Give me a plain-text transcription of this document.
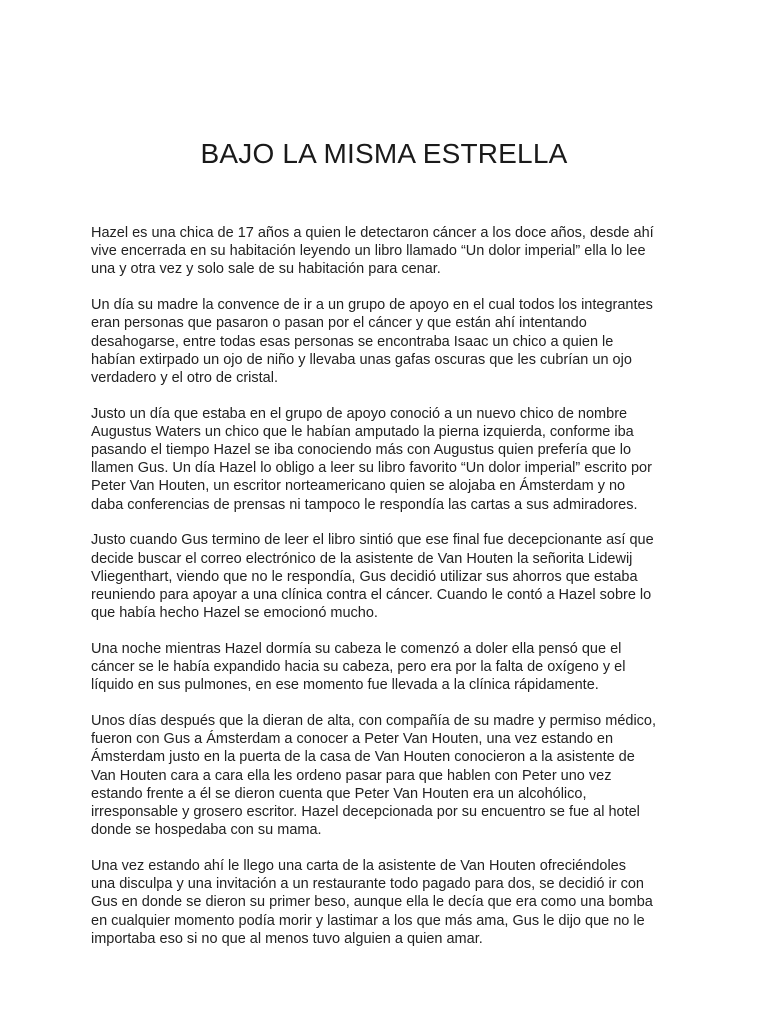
BAJO LA MISMA ESTRELLA

Hazel es una chica de 17 años a quien le detectaron cáncer a los doce años, desde ahí
vive encerrada en su habitación leyendo un libro llamado “Un dolor imperial” ella lo lee
una y otra vez y solo sale de su habitación para cenar.

Un día su madre la convence de ir a un grupo de apoyo en el cual todos los integrantes
eran personas que pasaron o pasan por el cáncer y que están ahí intentando
desahogarse, entre todas esas personas se encontraba Isaac un chico a quien le
habían extirpado un ojo de niño y llevaba unas gafas oscuras que les cubrían un ojo
verdadero y el otro de cristal.

Justo un día que estaba en el grupo de apoyo conoció a un nuevo chico de nombre
Augustus Waters un chico que le habían amputado la pierna izquierda, conforme iba
pasando el tiempo Hazel se iba conociendo más con Augustus quien prefería que lo
llamen Gus. Un día Hazel lo obligo a leer su libro favorito “Un dolor imperial” escrito por
Peter Van Houten, un escritor norteamericano quien se alojaba en Ámsterdam y no
daba conferencias de prensas ni tampoco le respondía las cartas a sus admiradores.

Justo cuando Gus termino de leer el libro sintió que ese final fue decepcionante así que
decide buscar el correo electrónico de la asistente de Van Houten la señorita Lidewij
Vliegenthart, viendo que no le respondía, Gus decidió utilizar sus ahorros que estaba
reuniendo para apoyar a una clínica contra el cáncer. Cuando le contó a Hazel sobre lo
que había hecho Hazel se emocionó mucho.

Una noche mientras Hazel dormía su cabeza le comenzó a doler ella pensó que el
cáncer se le había expandido hacia su cabeza, pero era por la falta de oxígeno y el
líquido en sus pulmones, en ese momento fue llevada a la clínica rápidamente.

Unos días después que la dieran de alta, con compañía de su madre y permiso médico,
fueron con Gus a Ámsterdam a conocer a Peter Van Houten, una vez estando en
Ámsterdam justo en la puerta de la casa de Van Houten conocieron a la asistente de
Van Houten cara a cara ella les ordeno pasar para que hablen con Peter uno vez
estando frente a él se dieron cuenta que Peter Van Houten era un alcohólico,
irresponsable y grosero escritor. Hazel decepcionada por su encuentro se fue al hotel
donde se hospedaba con su mama.

Una vez estando ahí le llego una carta de la asistente de Van Houten ofreciéndoles
una disculpa y una invitación a un restaurante todo pagado para dos, se decidió ir con
Gus en donde se dieron su primer beso, aunque ella le decía que era como una bomba
en cualquier momento podía morir y lastimar a los que más ama, Gus le dijo que no le
importaba eso si no que al menos tuvo alguien a quien amar.
